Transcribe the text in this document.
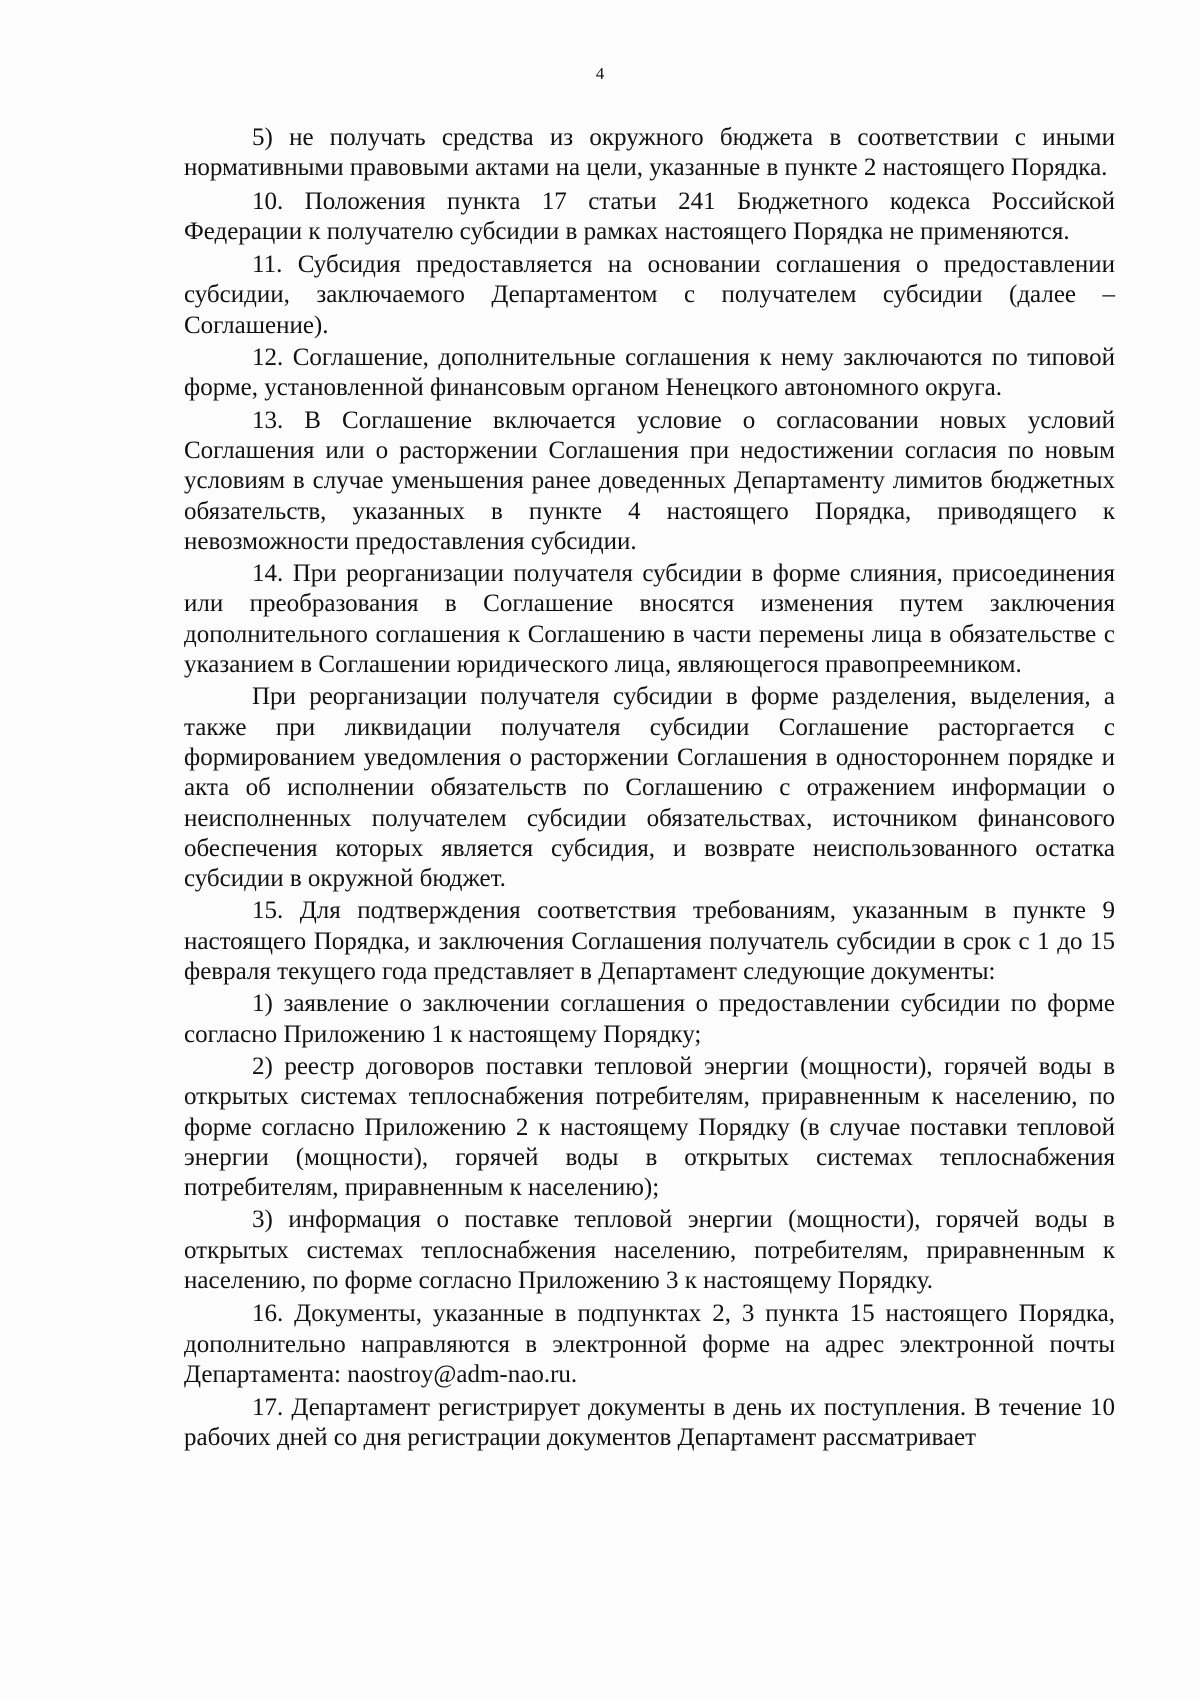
4

5) не получать средства из окружного бюджета в соответствии с иными нормативными правовыми актами на цели, указанные в пункте 2 настоящего Порядка.

10. Положения пункта 17 статьи 241 Бюджетного кодекса Российской Федерации к получателю субсидии в рамках настоящего Порядка не применяются.

11. Субсидия предоставляется на основании соглашения о предоставлении субсидии, заключаемого Департаментом с получателем субсидии (далее – Соглашение).

12. Соглашение, дополнительные соглашения к нему заключаются по типовой форме, установленной финансовым органом Ненецкого автономного округа.

13. В Соглашение включается условие о согласовании новых условий Соглашения или о расторжении Соглашения при недостижении согласия по новым условиям в случае уменьшения ранее доведенных Департаменту лимитов бюджетных обязательств, указанных в пункте 4 настоящего Порядка, приводящего к невозможности предоставления субсидии.

14. При реорганизации получателя субсидии в форме слияния, присоединения или преобразования в Соглашение вносятся изменения путем заключения дополнительного соглашения к Соглашению в части перемены лица в обязательстве с указанием в Соглашении юридического лица, являющегося правопреемником.

При реорганизации получателя субсидии в форме разделения, выделения, а также при ликвидации получателя субсидии Соглашение расторгается с формированием уведомления о расторжении Соглашения в одностороннем порядке и акта об исполнении обязательств по Соглашению с отражением информации о неисполненных получателем субсидии обязательствах, источником финансового обеспечения которых является субсидия, и возврате неиспользованного остатка субсидии в окружной бюджет.

15. Для подтверждения соответствия требованиям, указанным в пункте 9 настоящего Порядка, и заключения Соглашения получатель субсидии в срок с 1 до 15 февраля текущего года представляет в Департамент следующие документы:

1) заявление о заключении соглашения о предоставлении субсидии по форме согласно Приложению 1 к настоящему Порядку;

2) реестр договоров поставки тепловой энергии (мощности), горячей воды в открытых системах теплоснабжения потребителям, приравненным к населению, по форме согласно Приложению 2 к настоящему Порядку (в случае поставки тепловой энергии (мощности), горячей воды в открытых системах теплоснабжения потребителям, приравненным к населению);

3) информация о поставке тепловой энергии (мощности), горячей воды в открытых системах теплоснабжения населению, потребителям, приравненным к населению, по форме согласно Приложению 3 к настоящему Порядку.

16. Документы, указанные в подпунктах 2, 3 пункта 15 настоящего Порядка, дополнительно направляются в электронной форме на адрес электронной почты Департамента: naostroy@adm-nao.ru.

17. Департамент регистрирует документы в день их поступления. В течение 10 рабочих дней со дня регистрации документов Департамент рассматривает
